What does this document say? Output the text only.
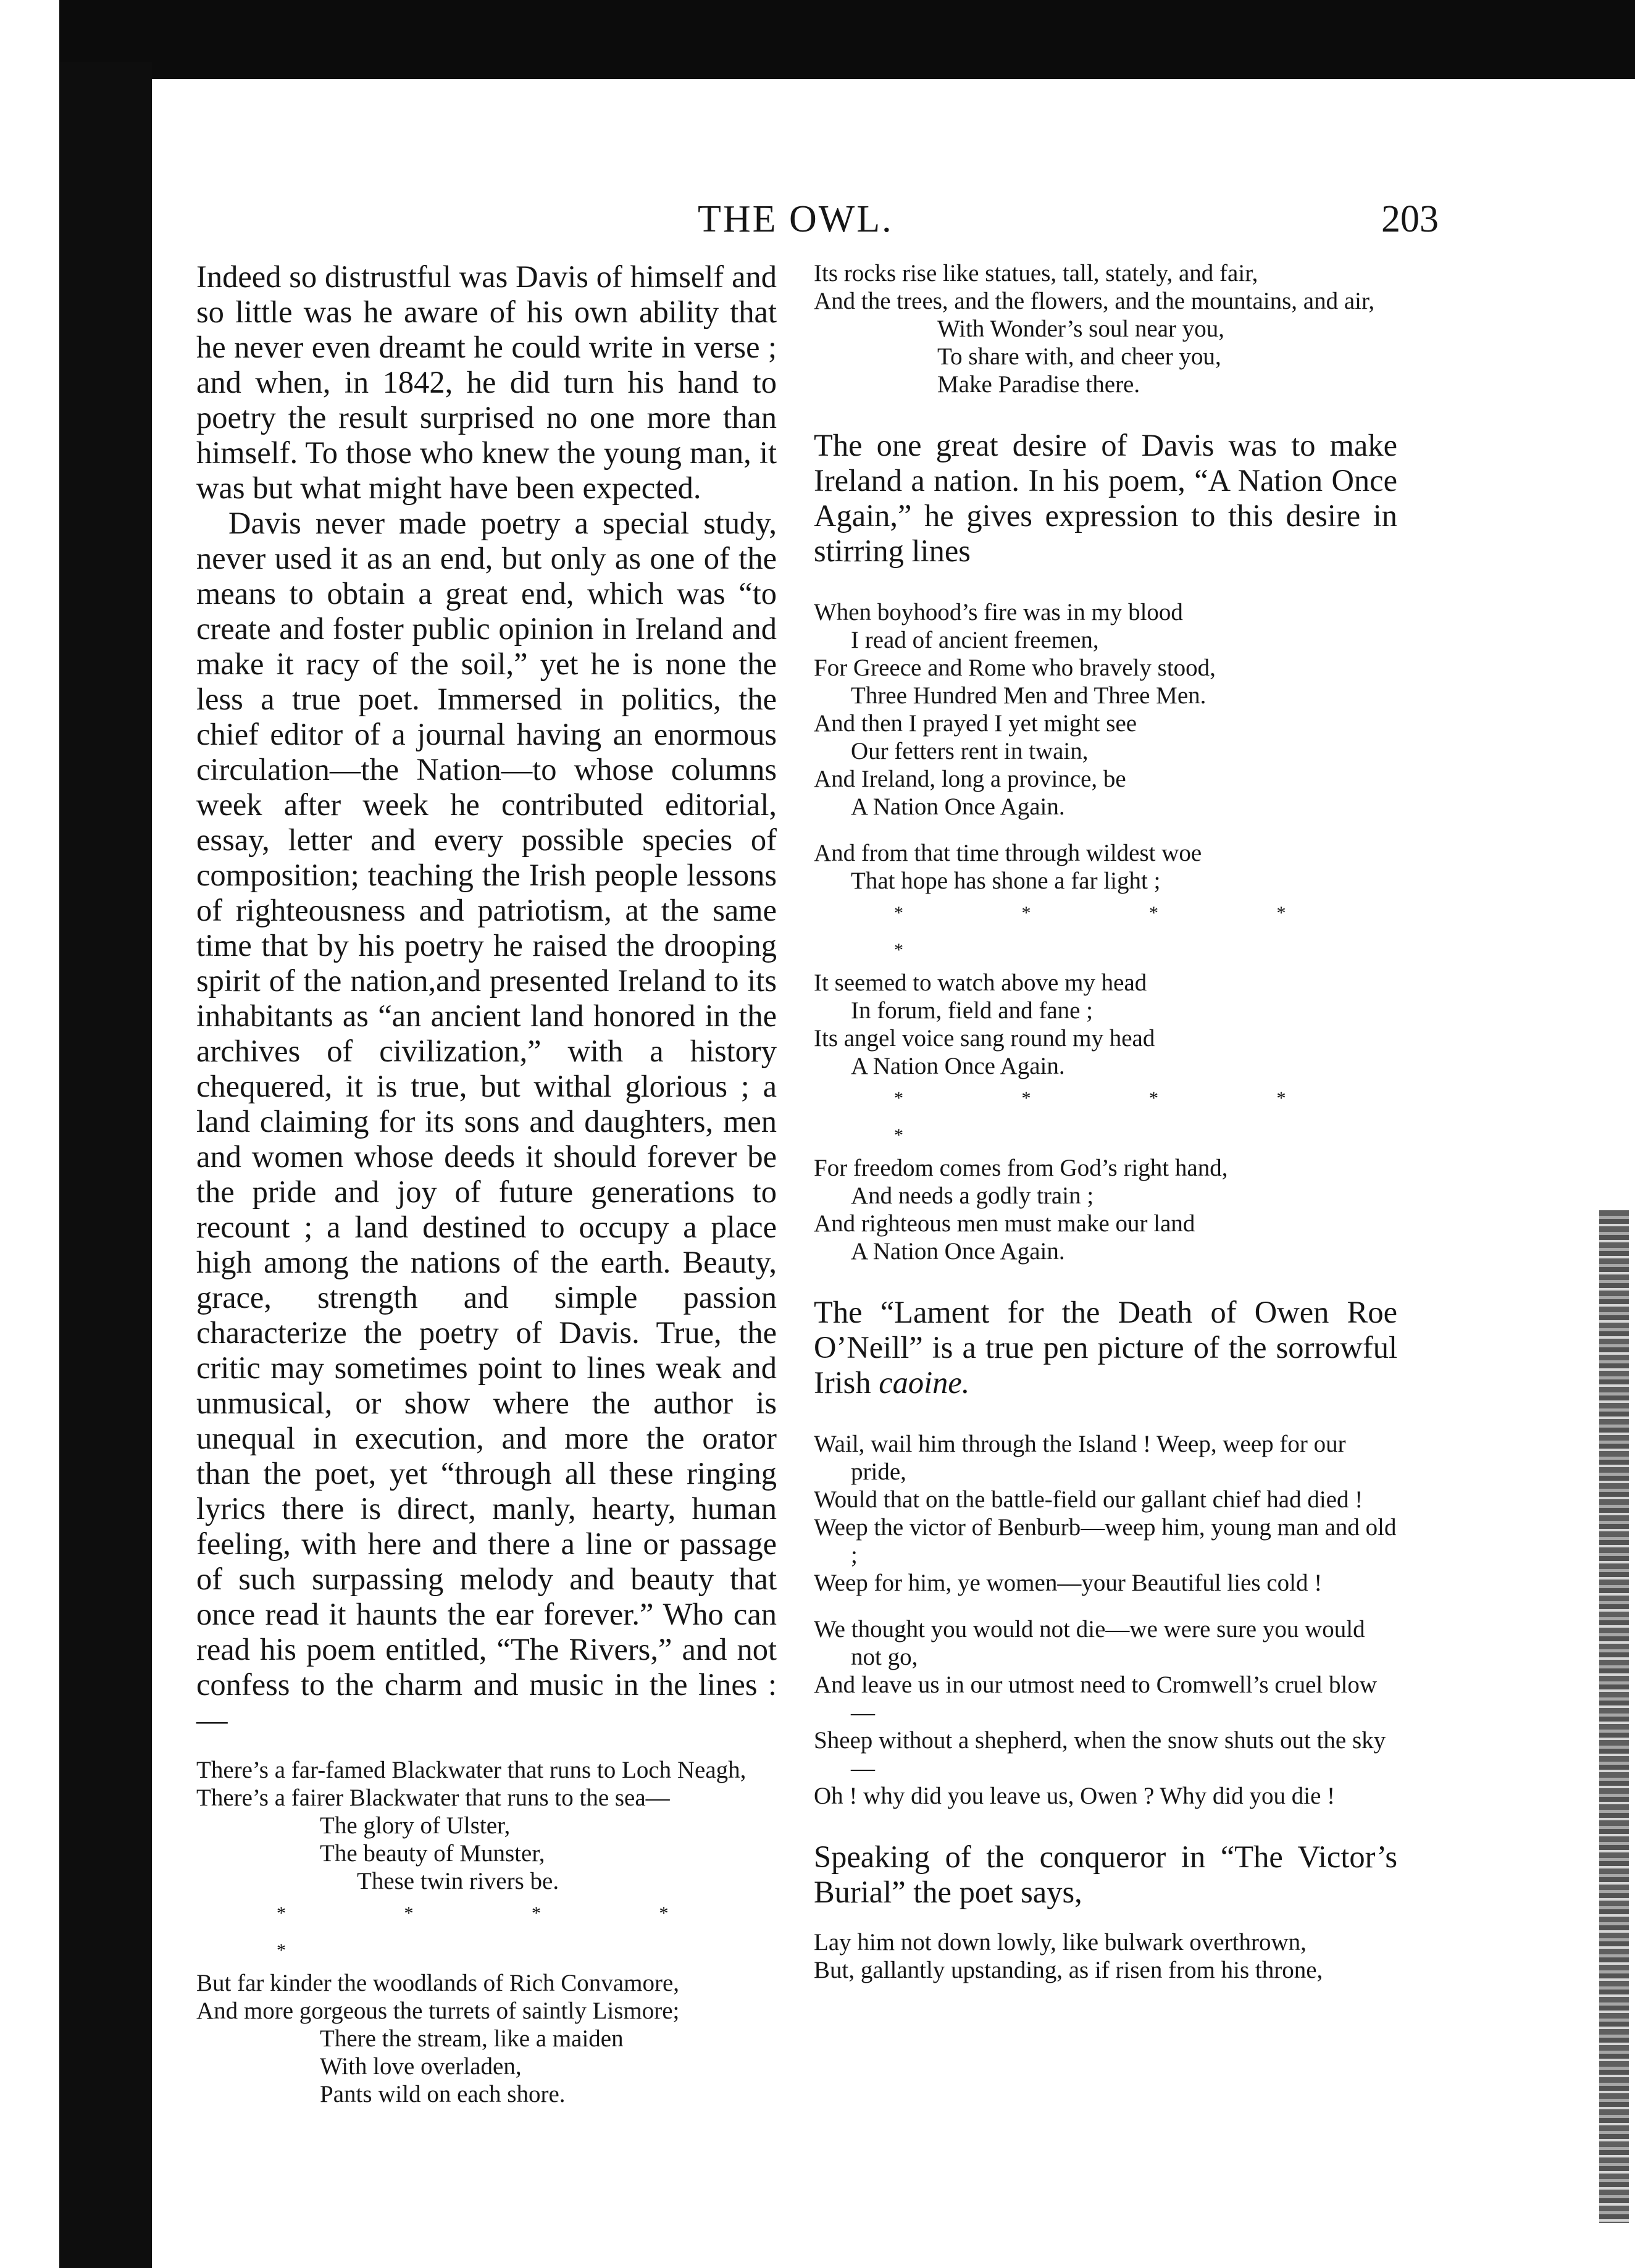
THE OWL.	203

Indeed so distrustful was Davis of himself and so little was he aware of his own ability that he never even dreamt he could write in verse ; and when, in 1842, he did turn his hand to poetry the result surprised no one more than himself. To those who knew the young man, it was but what might have been expected.

Davis never made poetry a special study, never used it as an end, but only as one of the means to obtain a great end, which was “to create and foster public opinion in Ireland and make it racy of the soil,” yet he is none the less a true poet. Immersed in politics, the chief editor of a journal having an enormous circulation—the Nation—to whose columns week after week he contributed editorial, essay, letter and every possible species of composition; teaching the Irish people lessons of righteousness and patriotism, at the same time that by his poetry he raised the drooping spirit of the nation,and presented Ireland to its inhabitants as “an ancient land honored in the archives of civilization,” with a history chequered, it is true, but withal glorious ; a land claiming for its sons and daughters, men and women whose deeds it should forever be the pride and joy of future generations to recount ; a land destined to occupy a place high among the nations of the earth. Beauty, grace, strength and simple passion characterize the poetry of Davis. True, the critic may sometimes point to lines weak and unmusical, or show where the author is unequal in execution, and more the orator than the poet, yet “through all these ringing lyrics there is direct, manly, hearty, human feeling, with here and there a line or passage of such surpassing melody and beauty that once read it haunts the ear forever.” Who can read his poem entitled, “The Rivers,” and not confess to the charm and music in the lines :—

There’s a far-famed Blackwater that runs to Loch Neagh,
There’s a fairer Blackwater that runs to the sea—
The glory of Ulster,
The beauty of Munster,
These twin rivers be.
* * * * *
But far kinder the woodlands of Rich Convamore,
And more gorgeous the turrets of saintly Lismore;
There the stream, like a maiden
With love overladen,
Pants wild on each shore.
Its rocks rise like statues, tall, stately, and fair,
And the trees, and the flowers, and the mountains, and air,
With Wonder’s soul near you,
To share with, and cheer you,
Make Paradise there.

The one great desire of Davis was to make Ireland a nation. In his poem, “A Nation Once Again,” he gives expression to this desire in stirring lines

When boyhood’s fire was in my blood
I read of ancient freemen,
For Greece and Rome who bravely stood,
Three Hundred Men and Three Men.
And then I prayed I yet might see
Our fetters rent in twain,
And Ireland, long a province, be
A Nation Once Again.
And from that time through wildest woe
That hope has shone a far light ;
* * * * *
It seemed to watch above my head
In forum, field and fane ;
Its angel voice sang round my head
A Nation Once Again.
* * * * *
For freedom comes from God’s right hand,
And needs a godly train ;
And righteous men must make our land
A Nation Once Again.

The “Lament for the Death of Owen Roe O’Neill” is a true pen picture of the sorrowful Irish caoine.

Wail, wail him through the Island ! Weep, weep for our pride,
Would that on the battle-field our gallant chief had died !
Weep the victor of Benburb—weep him, young man and old ;
Weep for him, ye women—your Beautiful lies cold !
We thought you would not die—we were sure you would not go,
And leave us in our utmost need to Cromwell’s cruel blow—
Sheep without a shepherd, when the snow shuts out the sky—
Oh ! why did you leave us, Owen ? Why did you die !

Speaking of the conqueror in “The Victor’s Burial” the poet says,

Lay him not down lowly, like bulwark overthrown,
But, gallantly upstanding, as if risen from his throne,
